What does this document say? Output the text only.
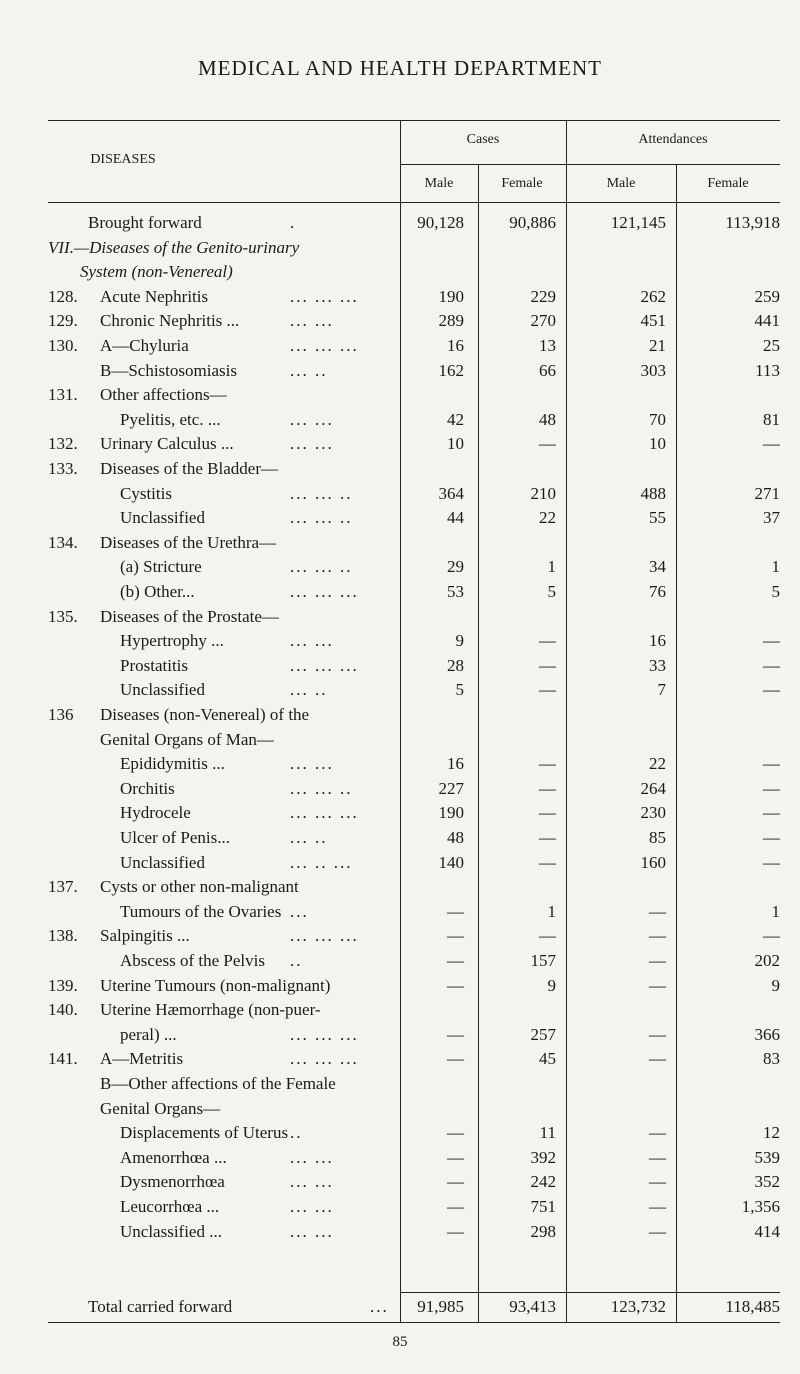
MEDICAL AND HEALTH DEPARTMENT
DISEASES
Cases	Attendances
Male	Female	Male	Female
Brought forward	.	90,128	90,886	121,145	113,918
VII.—Diseases of the Genito-urinary
System (non-Venereal)
128. Acute Nephritis	... ... ...	190	229	262	259
129. Chronic Nephritis ...	... ...	289	270	451	441
130. A—Chyluria	... ... ...	16	13	21	25
B—Schistosomiasis	... ..	162	66	303	113
131. Other affections—
Pyelitis, etc. ...	... ...	42	48	70	81
132. Urinary Calculus ...	... ...	10	—	10	—
133. Diseases of the Bladder—
Cystitis	... ... ..	364	210	488	271
Unclassified	... ... ..	44	22	55	37
134. Diseases of the Urethra—
(a) Stricture	... ... ..	29	1	34	1
(b) Other...	... ... ...	53	5	76	5
135. Diseases of the Prostate—
Hypertrophy ...	... ...	9	—	16	—
Prostatitis	... ... ...	28	—	33	—
Unclassified	... ..	5	—	7	—
136 Diseases (non-Venereal) of the
Genital Organs of Man—
Epididymitis ...	... ...	16	—	22	—
Orchitis	... ... ..	227	—	264	—
Hydrocele	... ... ...	190	—	230	—
Ulcer of Penis...	... ..	48	—	85	—
Unclassified	... .. ...	140	—	160	—
137. Cysts or other non-malignant
Tumours of the Ovaries ...	—	1	—	1
138. Salpingitis ...	... ... ...	—	—	—	—
Abscess of the Pelvis ..	—	157	—	202
139. Uterine Tumours (non-malignant)	—	9	—	9
140. Uterine Hæmorrhage (non-puer-
peral) ...	... ... ...	—	257	—	366
141. A—Metritis	... ... ...	—	45	—	83
B—Other affections of the Female
Genital Organs—
Displacements of Uterus ..	—	11	—	12
Amenorrhœa ...	... ...	—	392	—	539
Dysmenorrhœa	... ...	—	242	—	352
Leucorrhœa ...	... ...	—	751	—	1,356
Unclassified ...	... ...	—	298	—	414
Total carried forward	...	91,985	93,413	123,732	118,485
85
